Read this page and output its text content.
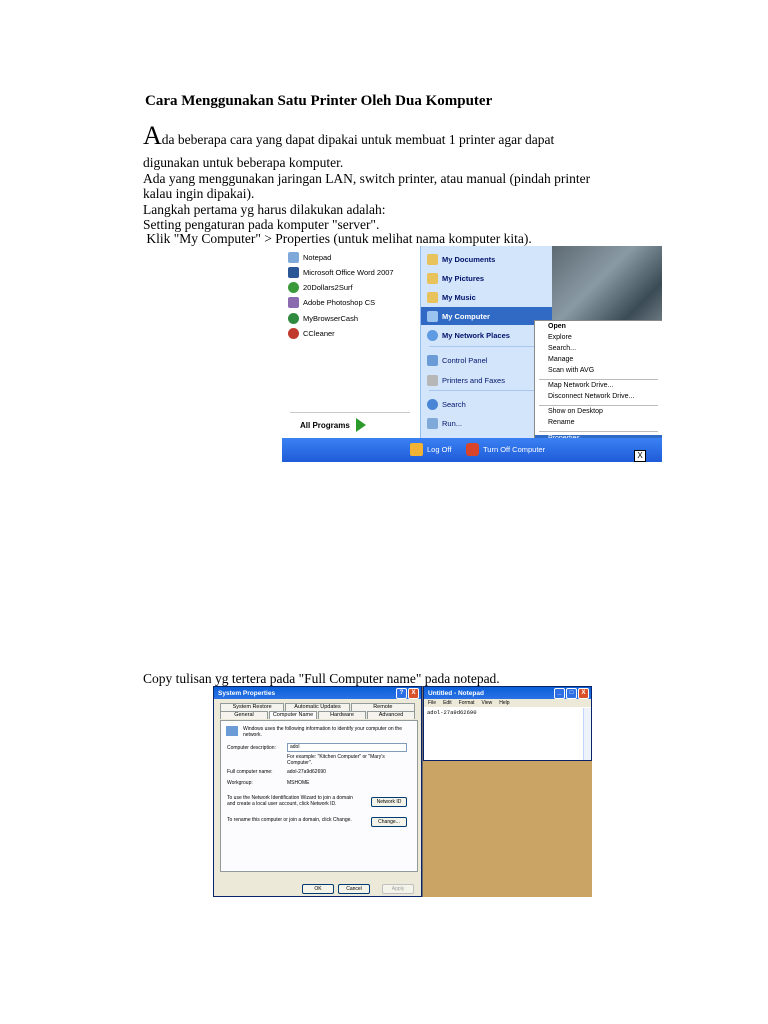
Cara Menggunakan Satu Printer Oleh Dua Komputer
Ada beberapa cara yang dapat dipakai untuk membuat 1 printer agar dapat
digunakan untuk beberapa komputer.
Ada yang menggunakan jaringan LAN, switch printer, atau manual (pindah printer
kalau ingin dipakai).
Langkah pertama yg harus dilakukan adalah:
Setting pengaturan pada komputer "server".
Klik "My Computer" > Properties (untuk melihat nama komputer kita).
Notepad
Microsoft Office Word 2007
20Dollars2Surf
Adobe Photoshop CS
MyBrowserCash
CCleaner
All Programs
My Documents
My Pictures
My Music
My Computer
My Network Places
Control Panel
Printers and Faxes
Search
Run...
Open
Explore
Search...
Manage
Scan with AVG
Map Network Drive...
Disconnect Network Drive...
Show on Desktop
Rename
Log Off	Turn Off Computer
X
Copy tulisan yg tertera pada "Full Computer name" pada notepad.
System Properties	?	X
System Restore	Automatic Updates	Remote
General	Computer Name	Hardware	Advanced
Windows uses the following information to identify your computer on the network.
Computer description:	adol
For example: "Kitchen Computer" or "Mary's Computer".
Full computer name:	adol-27a9d62690
Workgroup:	MSHOME
To use the Network Identification Wizard to join a domain and create a local user account, click Network ID.	Network ID
To rename this computer or join a domain, click Change.	Change...
OK	Cancel	Apply
Untitled - Notepad	_	□	X
File Edit Format View Help
adol-27a9d62690
